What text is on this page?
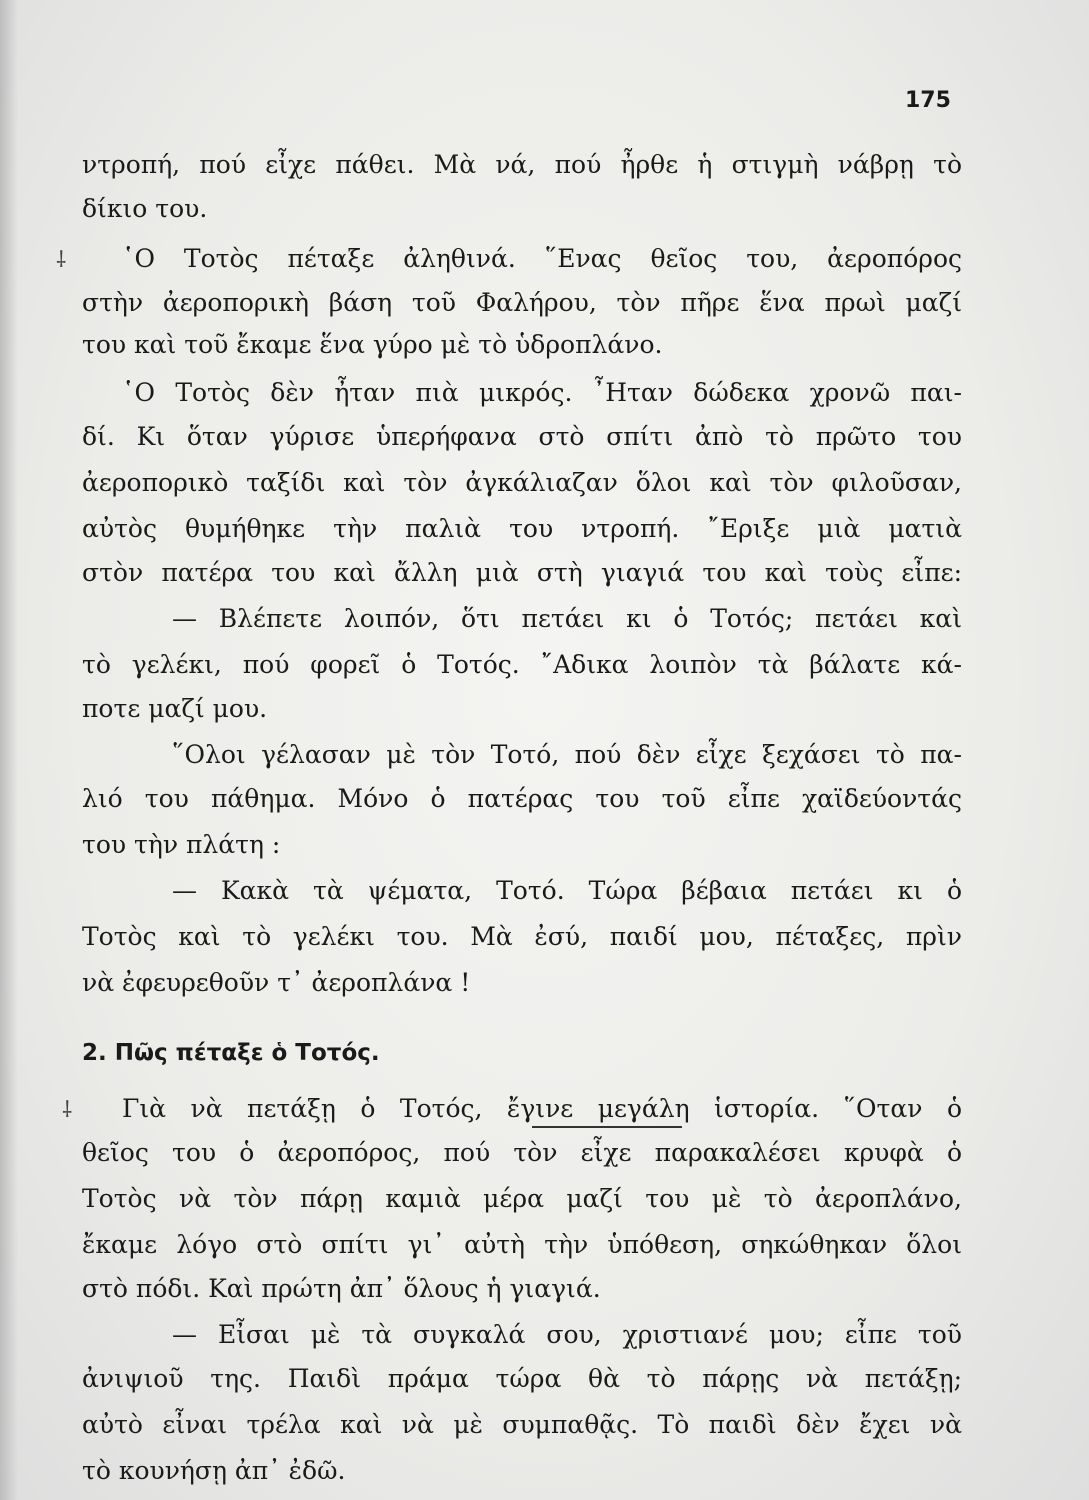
175
ντροπή, πού εἶχε πάθει. Μὰ νά, πού ἦρθε ἡ στιγμὴ νάβρῃ τὸ
δίκιο του.
῾Ο Τοτὸς πέταξε ἀληθινά. ῞Ενας θεῖος του, ἀεροπόρος
στὴν ἀεροπορικὴ βάση τοῦ Φαλήρου, τὸν πῆρε ἕνα πρωὶ μαζί
του καὶ τοῦ ἔκαμε ἕνα γύρο μὲ τὸ ὑδροπλάνο.
῾Ο Τοτὸς δὲν ἦταν πιὰ μικρός. ῏Ηταν δώδεκα χρονῶ παι-
δί. Κι ὅταν γύρισε ὑπερήφανα στὸ σπίτι ἀπὸ τὸ πρῶτο του
ἀεροπορικὸ ταξίδι καὶ τὸν ἀγκάλιαζαν ὅλοι καὶ τὸν φιλοῦσαν,
αὐτὸς θυμήθηκε τὴν παλιὰ του ντροπή. ῎Εριξε μιὰ ματιὰ
στὸν πατέρα του καὶ ἄλλη μιὰ στὴ γιαγιά του καὶ τοὺς εἶπε:
— Βλέπετε λοιπόν, ὅτι πετάει κι ὁ Τοτός; πετάει καὶ
τὸ γελέκι, πού φορεῖ ὁ Τοτός. ῎Αδικα λοιπὸν τὰ βάλατε κά-
ποτε μαζί μου.
῞Ολοι γέλασαν μὲ τὸν Τοτό, πού δὲν εἶχε ξεχάσει τὸ πα-
λιό του πάθημα. Μόνο ὁ πατέρας του τοῦ εἶπε χαϊδεύοντάς
του τὴν πλάτη :
— Κακὰ τὰ ψέματα, Τοτό. Τώρα βέβαια πετάει κι ὁ
Τοτὸς καὶ τὸ γελέκι του. Μὰ ἐσύ, παιδί μου, πέταξες, πρὶν
νὰ ἐφευρεθοῦν τ᾽ ἀεροπλάνα !
2. Πῶς πέταξε ὁ Τοτός.
Γιὰ νὰ πετάξῃ ὁ Τοτός, ἔγινε μεγάλη ἱστορία. ῞Οταν ὁ
θεῖος του ὁ ἀεροπόρος, πού τὸν εἶχε παρακαλέσει κρυφὰ ὁ
Τοτὸς νὰ τὸν πάρῃ καμιὰ μέρα μαζί του μὲ τὸ ἀεροπλάνο,
ἔκαμε λόγο στὸ σπίτι γι᾽ αὐτὴ τὴν ὑπόθεση, σηκώθηκαν ὅλοι
στὸ πόδι. Καὶ πρώτη ἀπ᾽ ὅλους ἡ γιαγιά.
— Εἶσαι μὲ τὰ συγκαλά σου, χριστιανέ μου; εἶπε τοῦ
ἀνιψιοῦ της. Παιδὶ πράμα τώρα θὰ τὸ πάρῃς νὰ πετάξῃ;
αὐτὸ εἶναι τρέλα καὶ νὰ μὲ συμπαθᾷς. Τὸ παιδὶ δὲν ἔχει νὰ
τὸ κουνήσῃ ἀπ᾽ ἐδῶ.
⸸
⸸
